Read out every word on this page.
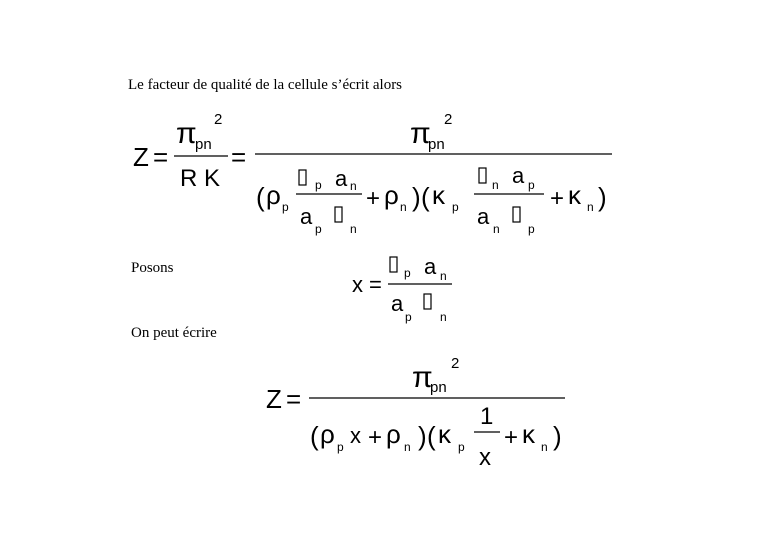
Le facteur de qualité de la cellule s’écrit alors
Posons
On peut écrire
Z =
π
pn
2
R K
=
π
pn
2
( ρ p
p a n
a p n
+ ρ n ) ( κ p
n a p
a n p
+ κ n )
x = p a n
a
p n
Z =
π
pn
2
( ρ p x + ρ n ) ( κ p
1
x
+ κ n )
